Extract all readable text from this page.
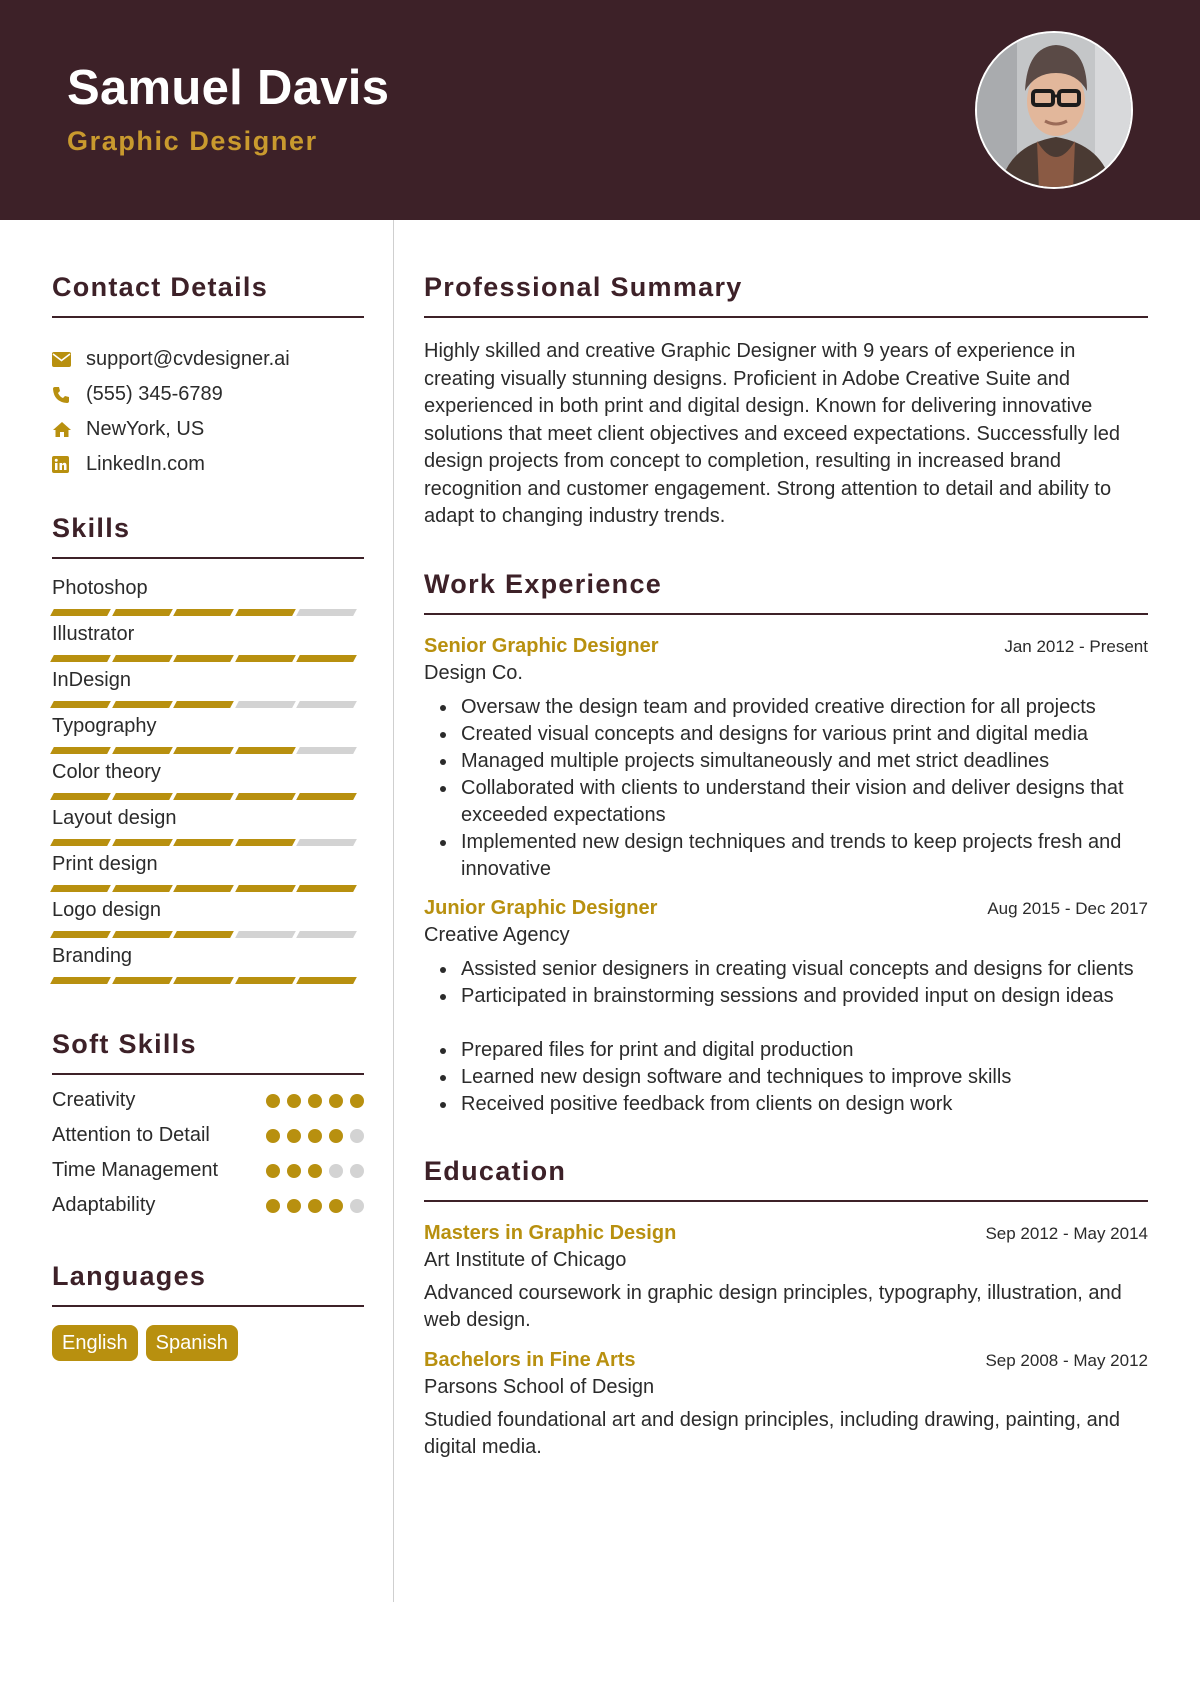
Samuel Davis
Graphic Designer
Contact Details
support@cvdesigner.ai
(555) 345-6789
NewYork, US
LinkedIn.com
Skills
Photoshop
Illustrator
InDesign
Typography
Color theory
Layout design
Print design
Logo design
Branding
Soft Skills
Creativity
Attention to Detail
Time Management
Adaptability
Languages
English	Spanish
Professional Summary

Highly skilled and creative Graphic Designer with 9 years of experience in creating visually stunning designs. Proficient in Adobe Creative Suite and experienced in both print and digital design. Known for delivering innovative solutions that meet client objectives and exceed expectations. Successfully led design projects from concept to completion, resulting in increased brand recognition and customer engagement. Strong attention to detail and ability to adapt to changing industry trends.

Work Experience
Senior Graphic Designer	Jan 2012 - Present
Design Co.
Oversaw the design team and provided creative direction for all projects
Created visual concepts and designs for various print and digital media
Managed multiple projects simultaneously and met strict deadlines
Collaborated with clients to understand their vision and deliver designs that exceeded expectations
Implemented new design techniques and trends to keep projects fresh and innovative
Junior Graphic Designer	Aug 2015 - Dec 2017
Creative Agency
Assisted senior designers in creating visual concepts and designs for clients
Participated in brainstorming sessions and provided input on design ideas
Prepared files for print and digital production
Learned new design software and techniques to improve skills
Received positive feedback from clients on design work
Education
Masters in Graphic Design	Sep 2012 - May 2014
Art Institute of Chicago

Advanced coursework in graphic design principles, typography, illustration, and web design.

Bachelors in Fine Arts	Sep 2008 - May 2012
Parsons School of Design

Studied foundational art and design principles, including drawing, painting, and digital media.
